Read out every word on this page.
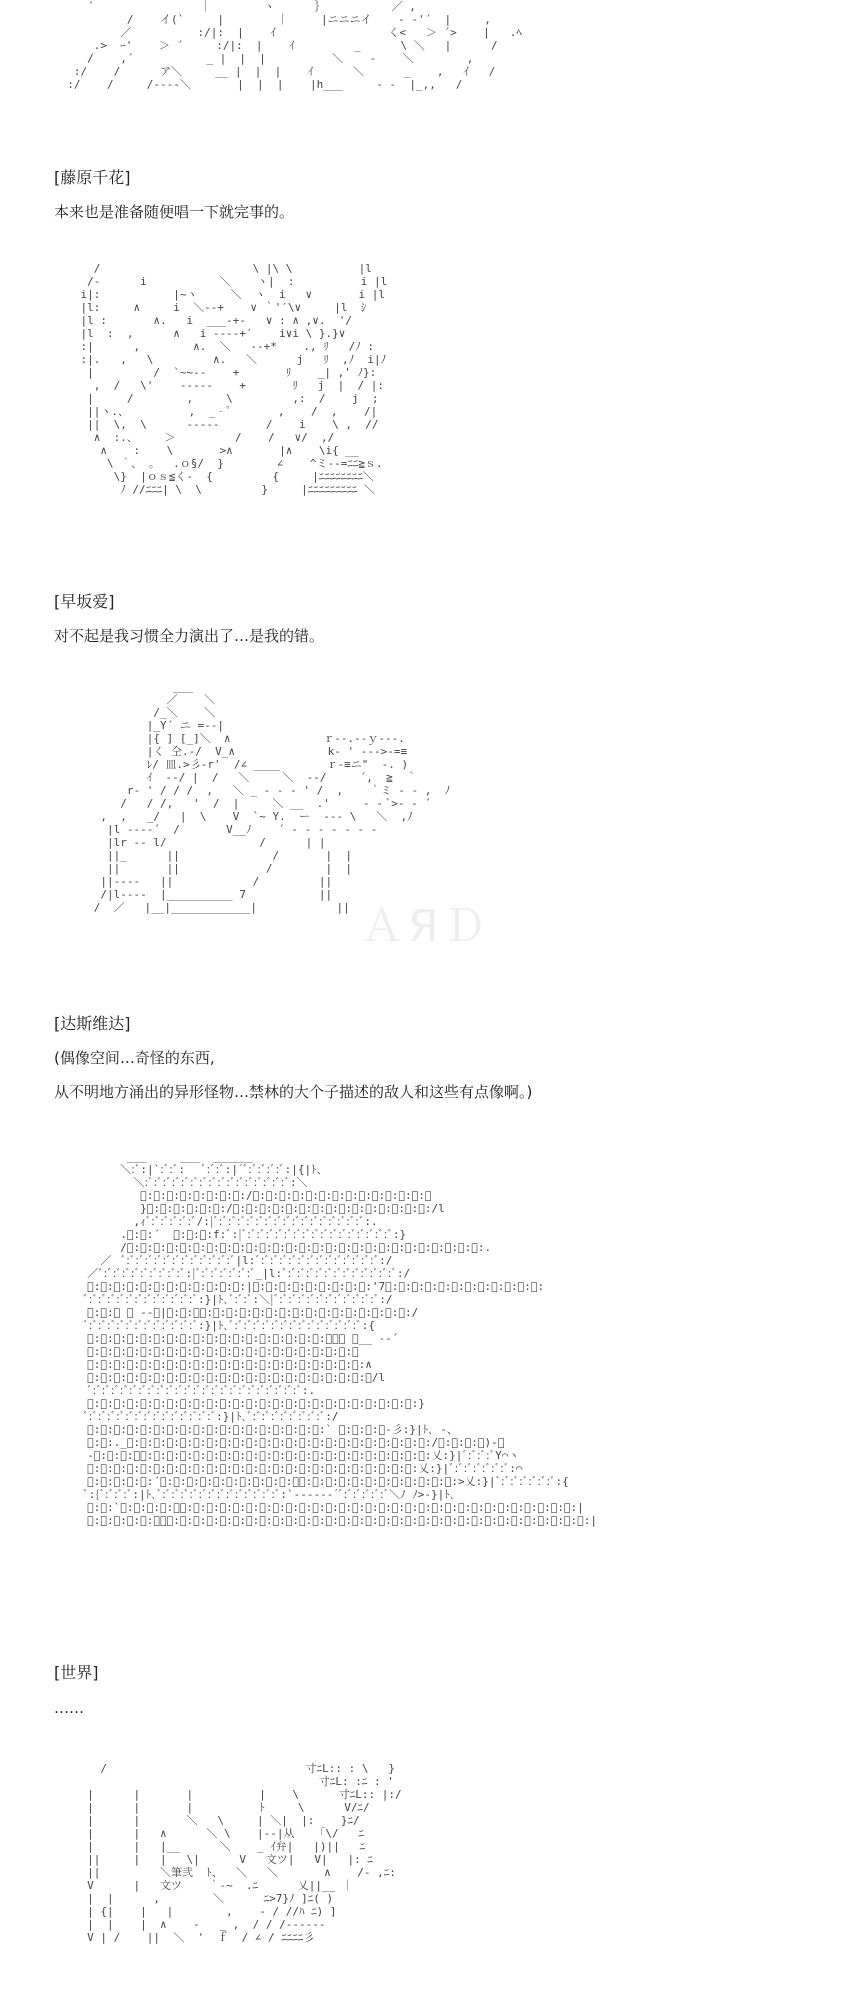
´                ｜        ヽ      ｝          ／ ,
/    イ(`     |        ｜     |ニニニイ    ‐ ‐'´  |     ,
／          :/|:  |    ｲ                 く<   ＞ ´>    |   .ﾍ
.>  ｰ'    ＞ ´     :/|:  |    ｲ         _      \ ＼   |      /
/    ,´           _ |  |  |          ＼    ‐    ＼        ,
:/    /      ア＼     __ |  |  |    ｲ      ＼      _    ,   ｲ   /
:/    /     /‐‐‐‐＼       |  |  |    |h___     ‐ ‐  |_,,   /
[藤原千花]
本来也是准备随便唱一下就完事的。
/                       \ |\ \          |l
/‐      i           ＼    ヽ|  :          i |l
i|:           |~ヽ     ＼  ヽ  i   ∨       i |l
|l:     ∧     i  ＼‐‐+    ∨ ｀'′\∨     |l  ｼ
|l :       ∧.   i  ___‐+‐   ∨ : ∧ ,∨.  '/
|l  :  ,      ∧   i ‐‐‐‐+′    i∨i \ }.}∨
:|      ,        ∧.  ＼   ‐‐+*    ., ﾘ   /ﾉ :
:|.   ,   \         ∧.   ＼      j   ﾘ  ,ﾉ  i|ﾉ
|         /  `~~‐‐    +       ﾘ    _| ,' ﾉ}:
,  /   \'    ‐‐‐‐‐    +       ﾘ   j  |  / |:
|     /        ,     \         ,:  /    j  ;
||ヽ.、         ,  _‐ﾟ       ,    /  ,    /|
||  \,  \      ‐‐‐‐‐       /    i    \ ,  //
∧  :.、    ＞         /    /   ∨/  ,/
∧    :    \       >∧       |∧    \i{ __
\ ｀、 。  .ｏ§/  }        ∠    ^ミ‐‐=ﾆﾆ≧ｓ.
\}  |ｏｓ≦く‐  {         {     |ﾆﾆﾆﾆﾆﾆﾆﾆ＼
ﾉ //ﾆﾆﾆ| \  \         }     |ﾆﾆﾆﾆﾆﾆﾆﾆﾆ ＼
[早坂爱]
对不起是我习惯全力演出了…是我的错。
___
／    ＼
/_＼    ＼
|_Y´ ニ =-‐|
|{ ] [_]＼  ∧              ｒ‐‐.‐‐ｙ‐‐‐.
|く 仝.‐/  V_∧              k‐ ' ‐‐‐>‐=≡
ﾚ/ 皿.>彡‐r'  /∠ ____       ｒ‐≡ニ"  ‐. )
ｲ  ‐‐/ |  /   ＼     ＼  ‐‐/     ´,  ≧  ｀
r‐ ' / / /  ,   ＼ _ ‐ ‐ ‐ ' /  ,    ｀ミ ‐ ‐ ,  ﾉ
/   / /,   '  /  |     ＼ __  .'     ‐ ‐ ﾞ>‐ ‐ ´
,  ,   _/   |  \    V  `~ Y.  ー  ‐‐‐ \   ＼  ,ﾉ
|l ‐‐‐‐´  /       V__ﾉ    ´ ‐ ‐ ‐ ‐ ‐ ‐ ‐
|lr ‐‐ l/              /      | |
||_      ||              /       |  |
||       ||             /        |  |
||‐‐‐‐   ||            /         ||
/|l‐‐‐‐  |__________ 7           ||
/  ／   |__|____________|            || ＡЯＤ
[达斯维达]
(偶像空间…奇怪的东西,
从不明地方涌出的异形怪物…禁林的大个子描述的敌人和这些有点像啊。)
___     ___  ______
＼:ﾞ:|`:ﾞ:ﾞ:   ﾞ:ﾞ:ﾞ:|´ﾞ:ﾞ:ﾞ:ﾞ:ﾞ:|{|ﾄ、
＼:ﾞ:ﾞ:ﾞ:ﾞ:ﾞ:ﾞ:ﾞ:ﾞ:ﾞ:ﾞ:ﾞ:ﾞ:ﾞ:ﾞ:ﾞ:ﾞ:＼
ﾞ:ﾞ:ﾞ:ﾞ:ﾞ:ﾞ:ﾞ:ﾞ:/ﾞ:ﾞ:ﾞ:ﾞ:ﾞ:ﾞ:ﾞ:ﾞ:ﾞ:ﾞ:ﾞ:ﾞ:ﾞ:＼
}ﾞ:ﾞ:ﾞ:ﾞ:ﾞ:ﾞ:/ﾞ:ﾞ:ﾞ:ﾞ:ﾞ:ﾞ:ﾞ:ﾞ:ﾞ:ﾞ:ﾞ:ﾞ:ﾞ:ﾞ:ﾞ:/l
,ｨﾞ:ﾞ:ﾞ:ﾞ:ﾞ:ﾞ/:|ﾞ:ﾞ:ﾞ:ﾞ:ﾞ:ﾞ:ﾞ:ﾞ:ﾞ:ﾞ:ﾞ:ﾞ:ﾞ:ﾞ:ﾞ:ﾞ:ﾞ:.
.ﾞ:ﾞ:´  ﾞ:ﾞ:ﾞ:f:ﾞ:|ﾞ:ﾞ:ﾞ:ﾞ:ﾞ:ﾞ:ﾞ:ﾞ:ﾞ:ﾞ:ﾞ:ﾞ:ﾞ:ﾞ:ﾞ:ﾞ:ﾞ:}
/ﾞ:ﾞ:ﾞ:ﾞ:ﾞ:ﾞ:ﾞ:ﾞ:ﾞ:ﾞ:ﾞ:ﾞ:ﾞ:ﾞ:ﾞ:ﾞ:ﾞ:ﾞ:ﾞ:ﾞ:ﾞ:ﾞ:ﾞ:ﾞ:ﾞ:ﾞ:ﾞ:.
／  ﾞ:ﾞ:ﾞ:ﾞ:ﾞ:ﾞ:ﾞ:ﾞ:ﾞ:ﾞ:ﾞ:ﾞ:ﾞ|l:ﾞ:ﾞ:ﾞ:ﾞ:ﾞ:ﾞ:ﾞ:ﾞ:ﾞ:ﾞ:ﾞ:ﾞ:ﾞ:ﾞ:/
／ﾞ:ﾞ:ﾞ:ﾞ:ﾞ:ﾞ:ﾞ:ﾞ:ﾞ:ﾞ:|ﾞ:ﾞ:ﾞ:ﾞ:ﾞ:ﾞ:ﾞ_|l:ﾞ:ﾞ:ﾞ:ﾞ:ﾞ:ﾞ:ﾞ:ﾞ:ﾞ:ﾞ:ﾞ:ﾞ:ﾞ:/
ﾞ:ﾞ:ﾞ:ﾞ:ﾞ:ﾞ:ﾞ:ﾞ:ﾞ:ﾞ:ﾞ:ﾞ:|ﾞ:ﾞ:ﾞ:ﾞ:ﾞ:ﾞ:ﾞ:ﾞ:ﾞ:'7ﾞ:ﾞ:ﾞ:ﾞ:ﾞ:ﾞ:ﾞ:ﾞ:ﾞ:ﾞ:ﾞ:ﾞ:
ﾞ:ﾞ:ﾞ:ﾞ:ﾞ:ﾞ:ﾞ:ﾞ:ﾞ:ﾞ:ﾞ:ﾞ:ﾞ:}|ﾄ､ﾞ:ﾞ:ﾞ:＼|ﾞ:ﾞ:ﾞ:ﾞ:ﾞ:ﾞ:ﾞ:ﾞ:ﾞ:ﾞ:ﾞ:ﾞ:/
ﾞ:ﾞ:ー ー ‐‐､|ﾞ:ﾞ:＼ﾞ:ﾞ:ﾞ:ﾞ:ﾞ:ﾞ:ﾞ:ﾞ:ﾞ:ﾞ:ﾞ:ﾞ:ﾞ:ﾞ:ﾞ:ﾞ:/
ﾞ:ﾞ:ﾞ:ﾞ:ﾞ:ﾞ:ﾞ:ﾞ:ﾞ:ﾞ:ﾞ:ﾞ:ﾞ:}|ﾄ､ﾞ:ﾞ:ﾞ:ﾞ:ﾞ:ﾞ:ﾞ:ﾞ:ﾞ:ﾞ:ﾞ:ﾞ:ﾞ:ﾞ:ﾞ:{
ﾞ:ﾞ:ﾞ:ﾞ:ﾞ:ﾞ:ﾞ:ﾞ:ﾞ:ﾞ:ﾞ:ﾞ:ﾞ:ﾞ:ﾞ:ﾞ:ﾞ:ﾞ:ﾞ＼／ ＼__ ‐‐´
ﾞ:ﾞ:ﾞ:ﾞ:ﾞ:ﾞ:ﾞ:ﾞ:ﾞ:ﾞ:ﾞ:ﾞ:ﾞ:ﾞ:ﾞ:ﾞ:ﾞ:ﾞ:ﾞ:ﾞ:＼
ﾞ:ﾞ:ﾞ:ﾞ:ﾞ:ﾞ:ﾞ:ﾞ:ﾞ:ﾞ:ﾞ:ﾞ:ﾞ:ﾞ:ﾞ:ﾞ:ﾞ:ﾞ:ﾞ:ﾞ:ﾞ:∧
ﾞ:ﾞ:ﾞ:ﾞ:ﾞ:ﾞ:ﾞ:ﾞ:ﾞ:ﾞ:ﾞ:ﾞ:ﾞ:ﾞ:ﾞ:ﾞ:ﾞ:ﾞ:ﾞ:ﾞ:ﾞ:ﾞ/l
ﾞ:ﾞ:ﾞ:ﾞ:ﾞ:ﾞ:ﾞ:ﾞ:ﾞ:ﾞ:ﾞ:ﾞ:ﾞ:ﾞ:ﾞ:ﾞ:ﾞ:ﾞ:ﾞ:ﾞ:ﾞ:ﾞ:ﾞ:ﾞ:.
ﾞ:ﾞ:ﾞ:ﾞ:ﾞ:ﾞ:ﾞ:ﾞ:ﾞ:ﾞ:ﾞ:ﾞ:ﾞ:ﾞ:ﾞ:ﾞ:ﾞ:ﾞ:ﾞ:ﾞ:ﾞ:ﾞ:ﾞ:ﾞ:ﾞ:}
ﾞ:ﾞ:ﾞ:ﾞ:ﾞ:ﾞ:ﾞ:ﾞ:ﾞ:ﾞ:ﾞ:ﾞ:ﾞ:ﾞ:ﾞ:}|ﾄ､ﾞ:ﾞ:ﾞ:ﾞ:ﾞ:ﾞ:ﾞ:ﾞ:ﾞ:/
ﾞ:ﾞ:ﾞ:ﾞ:ﾞ:ﾞ:ﾞ:ﾞ:ﾞ:ﾞ:ﾞ:ﾞ:ﾞ:ﾞ:ﾞ:ﾞ:ﾞ:ﾞ:` ﾞ:ﾞ:ﾞ:ﾞ‐彡:}|ﾄ､ ‐、
ﾞ:ﾞ:._ﾞ:ﾞ:ﾞ:ﾞ:ﾞ:ﾞ:ﾞ:ﾞ:ﾞ:ﾞ:ﾞ:ﾞ:ﾞ:ﾞ:ﾞ:ﾞ:ﾞ:ﾞ:ﾞ:ﾞ:ﾞ:ﾞ:ﾞ:/ﾞ:ﾞ:ﾞ:ﾞ)‐、
‐ﾞ:ﾞ:ﾞ:＼ﾞ:ﾞ:ﾞ:ﾞ:ﾞ:ﾞ:ﾞ:ﾞ:ﾞ:ﾞ:ﾞ:ﾞ:ﾞ:ﾞ:ﾞ:ﾞ:ﾞ:ﾞ:ﾞ:ﾞ:ﾞ:ﾞ:乂:}|ﾞ:ﾞ:ﾞ:ﾞY⌒ヽ
ﾞ:ﾞ:ﾞ:ﾞ:ﾞ:ﾞ:ﾞ:ﾞ:ﾞ:ﾞ:ﾞ:ﾞ:ﾞ:ﾞ:ﾞ:ﾞ:ﾞ:ﾞ:ﾞ:ﾞ:ﾞ:ﾞ:ﾞ:ﾞ:ﾞ:乂:}|ﾞ:ﾞ:ﾞ:ﾞ:ﾞ:ﾞ:ﾞ:⌒
ﾞ:ﾞ:ﾞ:ﾞ:ﾞ:´ﾞ:ﾞ:ﾞ:ﾞ:ﾞ:ﾞ:ﾞ:ﾞ:ﾞ:ﾞ:＼ﾞ:ﾞ:ﾞ:ﾞ:ﾞ:ﾞ:ﾞ:ﾞ:ﾞ:ﾞ:ﾞ:ﾞ:>乂:}|ﾞ:ﾞ:ﾞ:ﾞ:ﾞ:ﾞ:ﾞ:{
ﾞ:{ﾞ:ﾞ:ﾞ:ﾞ:|ﾄ､ﾞ:ﾞ:ﾞ:ﾞ:ﾞ:ﾞ:ﾞ:ﾞ:ﾞ:ﾞ:ﾞ:ﾞ:ﾞ:ﾞ:`‐‐‐‐‐‐´ﾞ:ﾞ:ﾞ:ﾞ:ﾞ:ﾞ＼ﾉ ﾉ>‐}|ﾄ､
ﾞ:ﾞ:`ﾞ:ﾞ:ﾞ:ﾞ:＼ﾞ:ﾞ:ﾞ:ﾞ:ﾞ:ﾞ:ﾞ:ﾞ:ﾞ:ﾞ:ﾞ:ﾞ:ﾞ:ﾞ:ﾞ:ﾞ:ﾞ:ﾞ:ﾞ:ﾞ:ﾞ:ﾞ:ﾞ:ﾞ:ﾞ:ﾞ:ﾞ:ﾞ:ﾞ:ﾞ:|
ﾞ:ﾞ:ﾞ:ﾞ:ﾞ:ﾞ＼ﾞ:ﾞ:ﾞ:ﾞ:ﾞ:ﾞ:ﾞ:ﾞ:ﾞ:ﾞ:ﾞ:ﾞ:ﾞ:ﾞ:ﾞ:ﾞ:ﾞ:ﾞ:ﾞ:ﾞ:ﾞ:ﾞ:ﾞ:ﾞ:ﾞ:ﾞ:ﾞ:ﾞ:ﾞ:ﾞ:ﾞ:ﾞ:|
[世界]
……
/                              寸ﾆL:: : \   }
寸ﾆL: :ﾆ : '
|      |       |          |    \      寸ﾆL:: |:/
|      |       |          ﾄ     \      V/ﾆ/
|      |       ＼   \     | ＼|  |:    }ﾆ/
|      |   ∧      ＼ \    |‐‐|从   「\/   ﾆ
|      |   |__      ＼    _ ｲ弁|   |)||   ﾆ
||     |   |   \|      V   文ツ|   V|   |: ﾆ
||         ＼筆弐  ﾄ、  ＼   ＼       ∧    /‐ ,ﾆ:
V      |   文ツ    ｀‐~  .ﾆ      乂||__ ｜
|  |      ,        ＼      ﾆ>7}ﾉ ]ﾆ( )
| {|    |   |        ,    ‐ / //ﾊ ﾆ) ]
|  |    |  ∧    ‐   _ ,  / / /‐‐‐‐‐‐
V | /    ||  ＼  '  ｆ  / ∠ / ﾆﾆﾆﾆ彡
